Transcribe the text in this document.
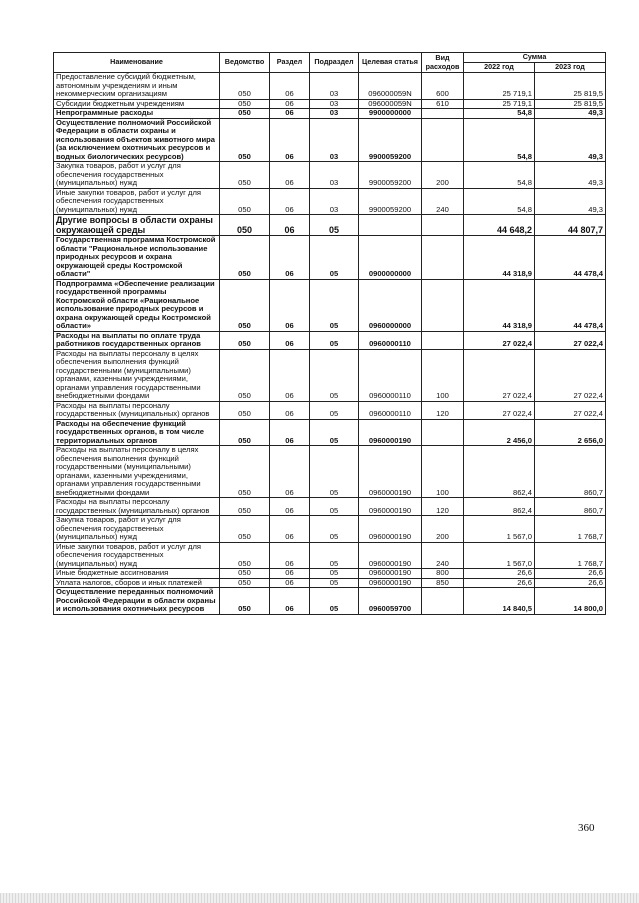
Наименование	Ведомство	Раздел	Подраздел	Целевая статья	Вид расходов	Сумма	
						2022 год	2023 год
Предоставление субсидий бюджетным, автономным учреждениям и иным некоммерческим организациям	050	06	03	096000059N	600	25 719,1	25 819,5
Субсидии бюджетным учреждениям	050	06	03	096000059N	610	25 719,1	25 819,5
Непрограммные расходы	050	06	03	9900000000		54,8	49,3
Осуществление полномочий Российской Федерации в области охраны и использования объектов животного мира (за исключением охотничьих ресурсов и водных биологических ресурсов)	050	06	03	9900059200		54,8	49,3
Закупка товаров, работ и услуг для обеспечения государственных (муниципальных) нужд	050	06	03	9900059200	200	54,8	49,3
Иные закупки товаров, работ и услуг для обеспечения государственных (муниципальных) нужд	050	06	03	9900059200	240	54,8	49,3
Другие вопросы в области охраны окружающей среды	050	06	05			44 648,2	44 807,7
Государственная программа Костромской области "Рациональное использование природных ресурсов и охрана окружающей среды Костромской области"	050	06	05	0900000000		44 318,9	44 478,4
Подпрограмма «Обеспечение реализации государственной программы Костромской области «Рациональное использование природных ресурсов и охрана окружающей среды Костромской области»	050	06	05	0960000000		44 318,9	44 478,4
Расходы на выплаты по оплате труда работников государственных органов	050	06	05	0960000110		27 022,4	27 022,4
Расходы на выплаты персоналу в целях обеспечения выполнения функций государственными (муниципальными) органами, казенными учреждениями, органами управления государственными внебюджетными фондами	050	06	05	0960000110	100	27 022,4	27 022,4
Расходы на выплаты персоналу государственных (муниципальных) органов	050	06	05	0960000110	120	27 022,4	27 022,4
Расходы на обеспечение функций государственных органов, в том числе территориальных органов	050	06	05	0960000190		2 456,0	2 656,0
Расходы на выплаты персоналу в целях обеспечения выполнения функций государственными (муниципальными) органами, казенными учреждениями, органами управления государственными внебюджетными фондами	050	06	05	0960000190	100	862,4	860,7
Расходы на выплаты персоналу государственных (муниципальных) органов	050	06	05	0960000190	120	862,4	860,7
Закупка товаров, работ и услуг для обеспечения государственных (муниципальных) нужд	050	06	05	0960000190	200	1 567,0	1 768,7
Иные закупки товаров, работ и услуг для обеспечения государственных (муниципальных) нужд	050	06	05	0960000190	240	1 567,0	1 768,7
Иные бюджетные ассигнования	050	06	05	0960000190	800	26,6	26,6
Уплата налогов, сборов и иных платежей	050	06	05	0960000190	850	26,6	26,6
Осуществление переданных полномочий Российской Федерации в области охраны и использования охотничьих ресурсов	050	06	05	0960059700		14 840,5	14 800,0
360
